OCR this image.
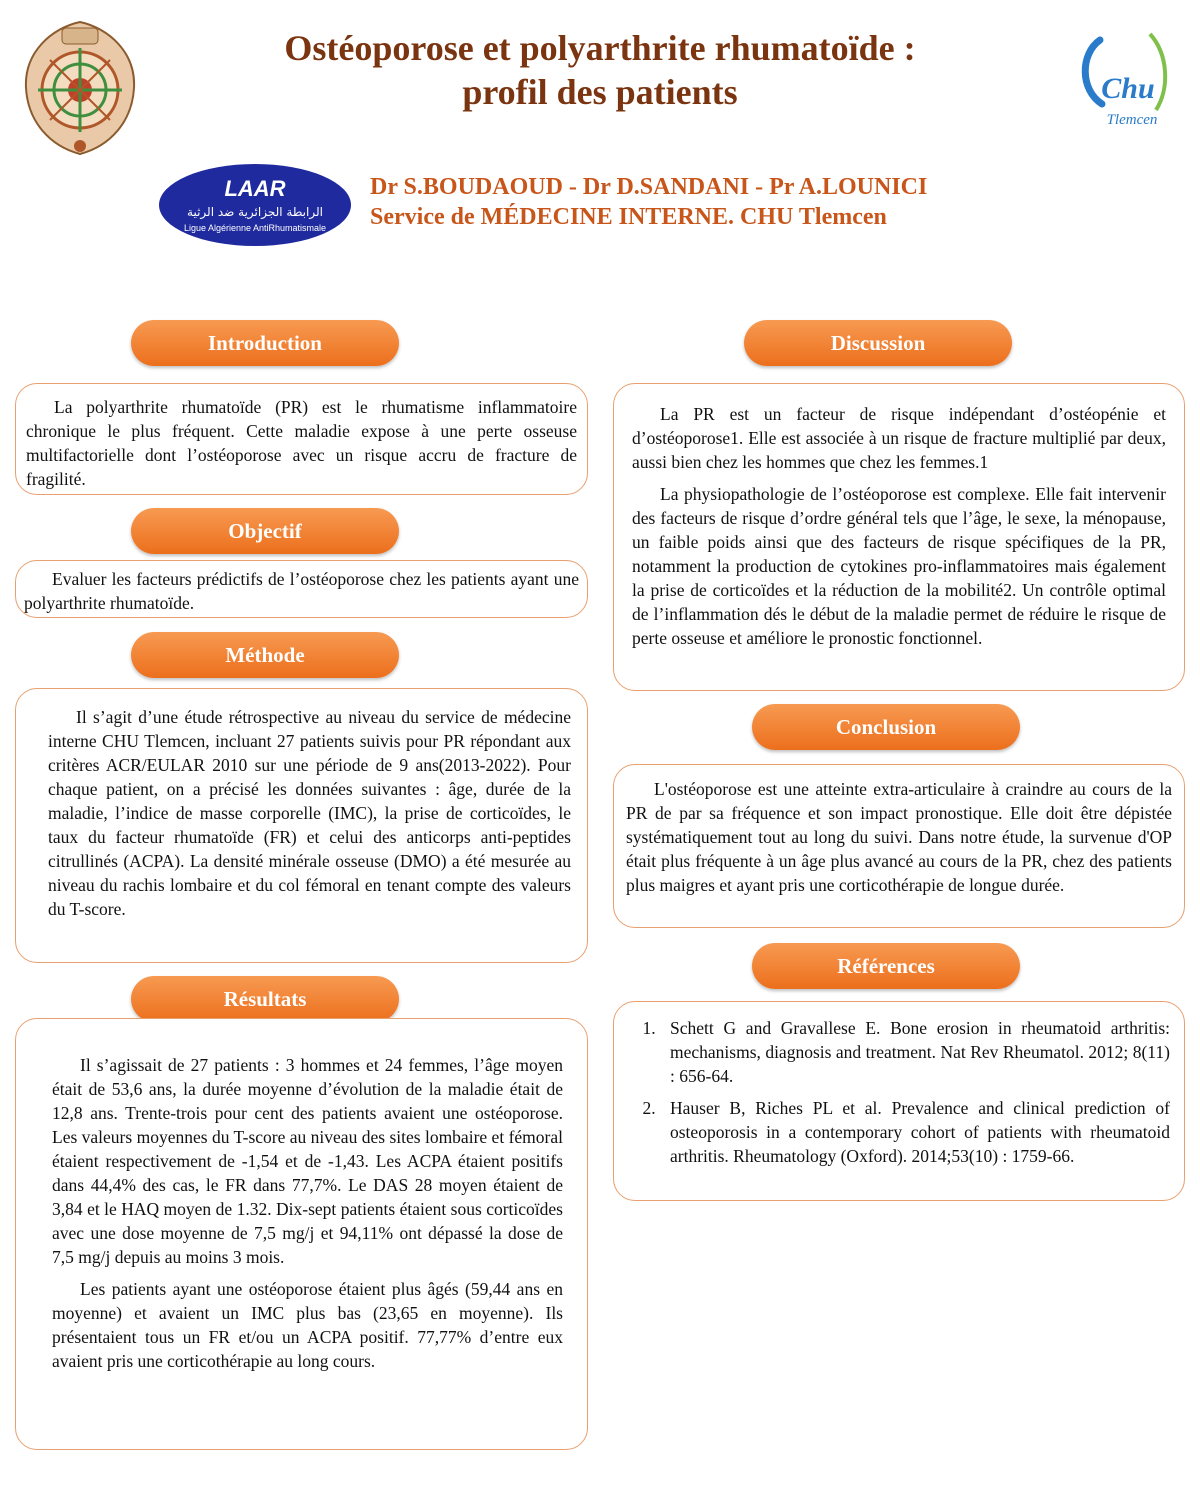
LAAR
الرابطة الجزائرية ضد الرثية
Ligue Algérienne AntiRhumatismale
Chu
Tlemcen
Ostéoporose et polyarthrite rhumatoïde :
profil des patients
Dr S.BOUDAOUD - Dr D.SANDANI - Pr A.LOUNICI
Service de MÉDECINE INTERNE. CHU Tlemcen
Introduction

La polyarthrite rhumatoïde (PR) est le rhumatisme inflammatoire chronique le plus fréquent. Cette maladie expose à une perte osseuse multifactorielle dont l’ostéoporose avec un risque accru de fracture de fragilité.

Objectif

Evaluer les facteurs prédictifs de l’ostéoporose chez les patients ayant une polyarthrite rhumatoïde.

Méthode

Il s’agit d’une étude rétrospective au niveau du service de médecine interne CHU Tlemcen, incluant 27 patients suivis pour PR répondant aux critères ACR/EULAR 2010 sur une période de 9 ans(2013-2022). Pour chaque patient, on a précisé les données suivantes : âge, durée de la maladie, l’indice de masse corporelle (IMC), la prise de corticoïdes, le taux du facteur rhumatoïde (FR) et celui des anticorps anti-peptides citrullinés (ACPA). La densité minérale osseuse (DMO) a été mesurée au niveau du rachis lombaire et du col fémoral en tenant compte des valeurs du T-score.

Résultats

Il s’agissait de 27 patients : 3 hommes et 24 femmes, l’âge moyen était de 53,6 ans, la durée moyenne d’évolution de la maladie était de 12,8 ans. Trente-trois pour cent des patients avaient une ostéoporose. Les valeurs moyennes du T-score au niveau des sites lombaire et fémoral étaient respectivement de -1,54 et de -1,43. Les ACPA étaient positifs dans 44,4% des cas, le FR dans 77,7%. Le DAS 28 moyen étaient de 3,84 et le HAQ moyen de 1.32. Dix-sept patients étaient sous corticoïdes avec une dose moyenne de 7,5 mg/j et 94,11% ont dépassé la dose de 7,5 mg/j depuis au moins 3 mois.

Les patients ayant une ostéoporose étaient plus âgés (59,44 ans en moyenne) et avaient un IMC plus bas (23,65 en moyenne). Ils présentaient tous un FR et/ou un ACPA positif. 77,77% d’entre eux avaient pris une corticothérapie au long cours.

Discussion

La PR est un facteur de risque indépendant d’ostéopénie et d’ostéoporose1. Elle est associée à un risque de fracture multiplié par deux, aussi bien chez les hommes que chez les femmes.1

La physiopathologie de l’ostéoporose est complexe. Elle fait intervenir des facteurs de risque d’ordre général tels que l’âge, le sexe, la ménopause, un faible poids ainsi que des facteurs de risque spécifiques de la PR, notamment la production de cytokines pro-inflammatoires mais également la prise de corticoïdes et la réduction de la mobilité2. Un contrôle optimal de l’inflammation dés le début de la maladie permet de réduire le risque de perte osseuse et améliore le pronostic fonctionnel.

Conclusion

L'ostéoporose est une atteinte extra-articulaire à craindre au cours de la PR de par sa fréquence et son impact pronostique. Elle doit être dépistée systématiquement tout au long du suivi. Dans notre étude, la survenue d'OP était plus fréquente à un âge plus avancé au cours de la PR, chez des patients plus maigres et ayant pris une corticothérapie de longue durée.

Références
1. Schett G and Gravallese E. Bone erosion in rheumatoid arthritis: mechanisms, diagnosis and treatment. Nat Rev Rheumatol. 2012; 8(11) : 656-64.
2. Hauser B, Riches PL et al. Prevalence and clinical prediction of osteoporosis in a contemporary cohort of patients with rheumatoid arthritis. Rheumatology (Oxford). 2014;53(10) : 1759-66.
